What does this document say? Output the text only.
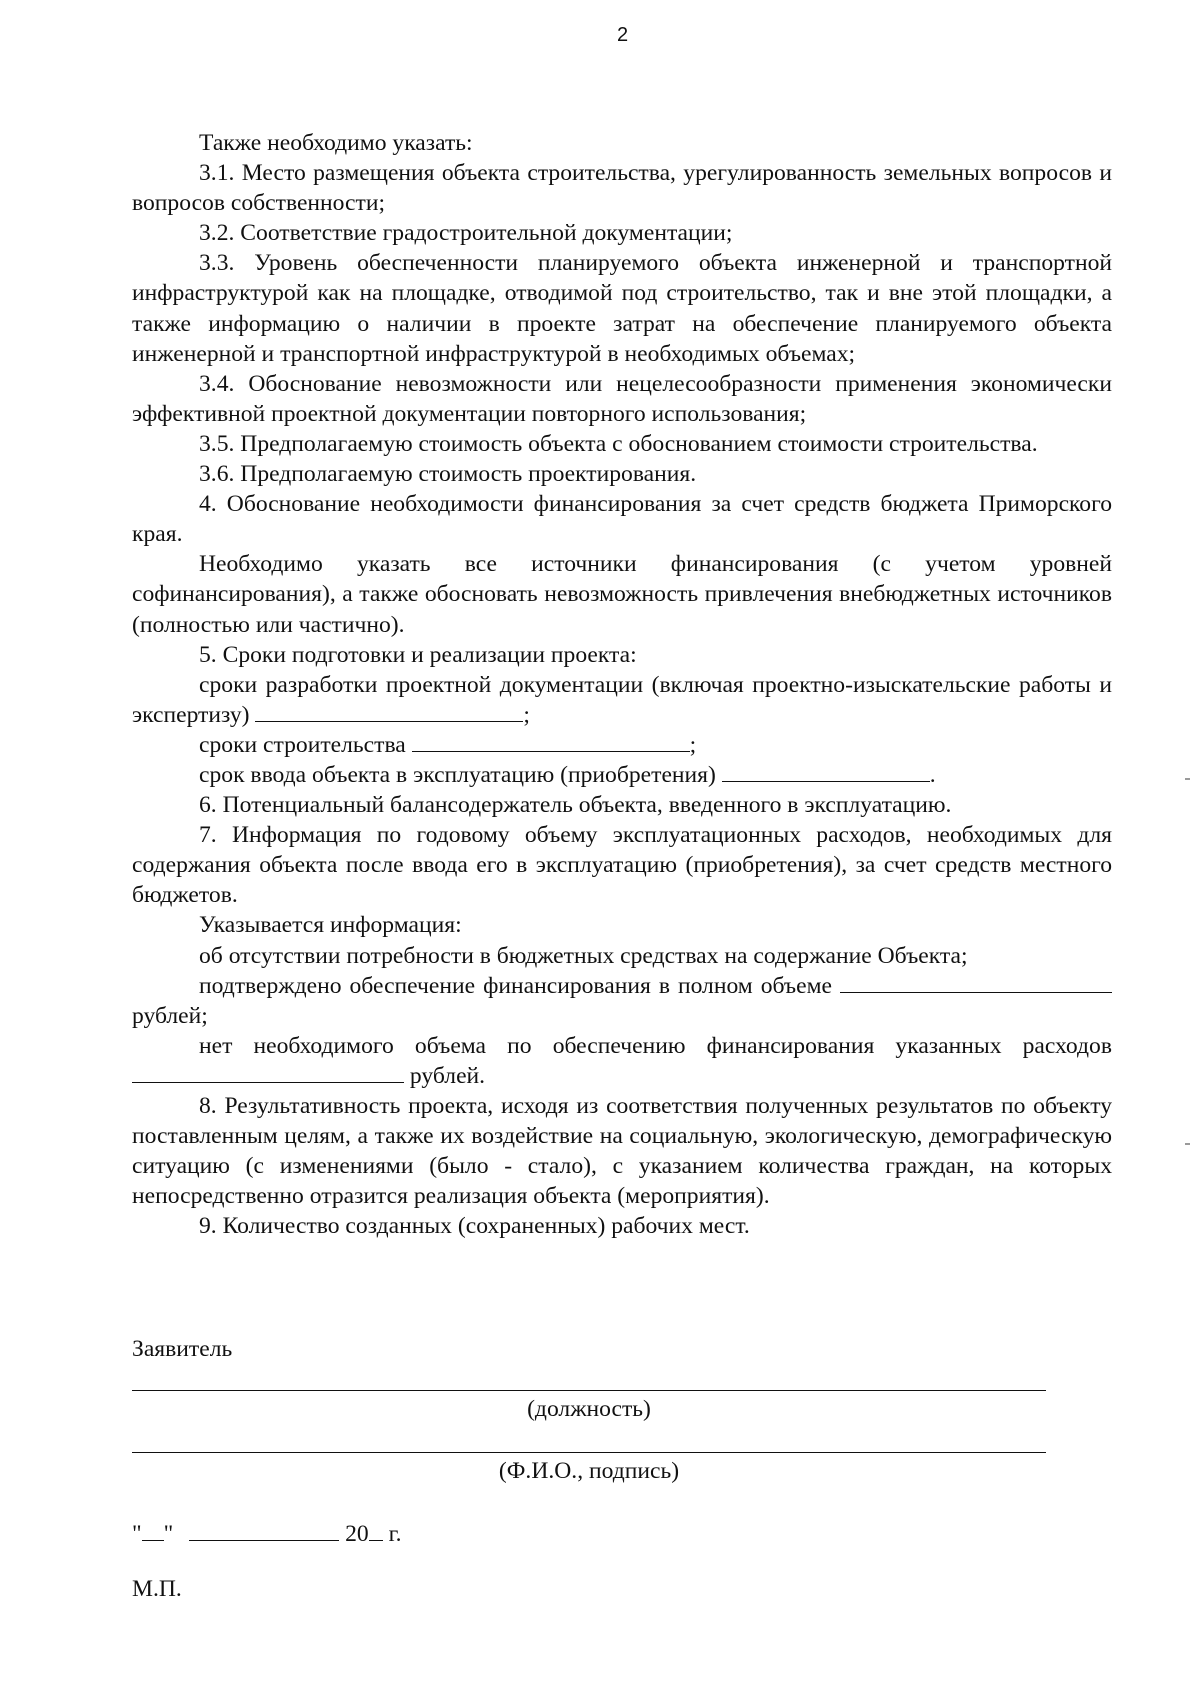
2

Также необходимо указать:

3.1. Место размещения объекта строительства, урегулированность земельных вопросов и вопросов собственности;

3.2. Соответствие градостроительной документации;

3.3. Уровень обеспеченности планируемого объекта инженерной и транспортной инфраструктурой как на площадке, отводимой под строительство, так и вне этой площадки, а также информацию о наличии в проекте затрат на обеспечение планируемого объекта инженерной и транспортной инфраструктурой в необходимых объемах;

3.4. Обоснование невозможности или нецелесообразности применения экономически эффективной проектной документации повторного использования;

3.5. Предполагаемую стоимость объекта с обоснованием стоимости строительства.

3.6. Предполагаемую стоимость проектирования.

4. Обоснование необходимости финансирования за счет средств бюджета Приморского края.

Необходимо указать все источники финансирования (с учетом уровней софинансирования), а также обосновать невозможность привлечения внебюджетных источников (полностью или частично).

5. Сроки подготовки и реализации проекта:

сроки разработки проектной документации (включая проектно-изыскательские работы и экспертизу)	;

сроки строительства	;

срок ввода объекта в эксплуатацию (приобретения)	.

6. Потенциальный балансодержатель объекта, введенного в эксплуатацию.

7. Информация по годовому объему эксплуатационных расходов, необходимых для содержания объекта после ввода его в эксплуатацию (приобретения), за счет средств местного бюджетов.

Указывается информация:

об отсутствии потребности в бюджетных средствах на содержание Объекта;

подтверждено обеспечение финансирования в полном объеме  рублей;

нет необходимого объема по обеспечению финансирования указанных расходов  рублей.

8. Результативность проекта, исходя из соответствия полученных результатов по объекту поставленным целям, а также их воздействие на социальную, экологическую, демографическую ситуацию (с изменениями (было - стало), с указанием количества граждан, на которых непосредственно отразится реализация объекта (мероприятия).

9. Количество созданных (сохраненных) рабочих мест.

Заявитель
(должность)
(Ф.И.О., подпись)
" "	20 г.
М.П.
